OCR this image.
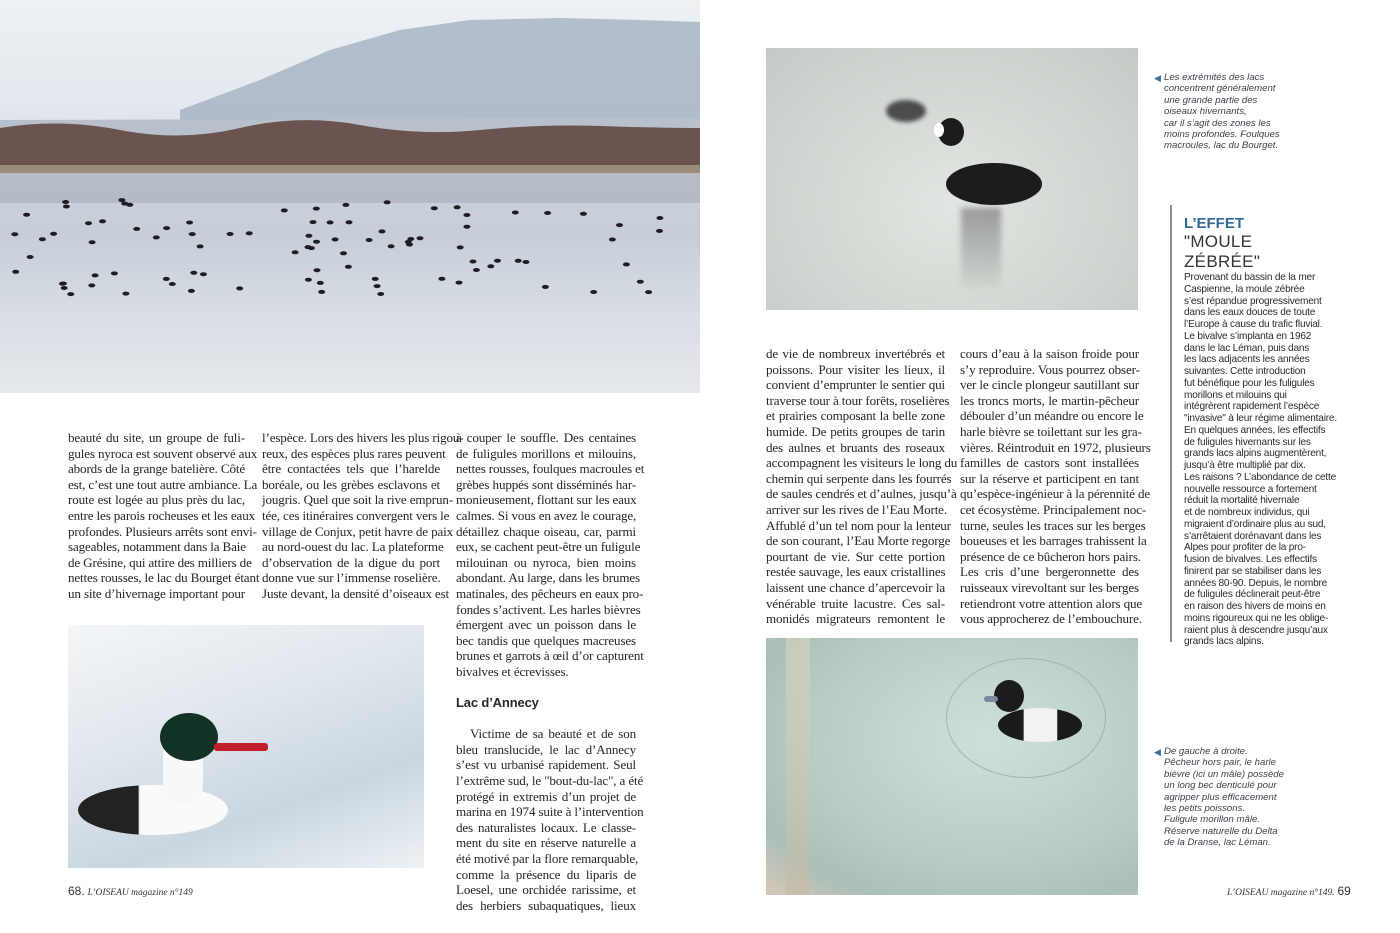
beauté du site, un groupe de fuli-
gules nyroca est souvent observé aux
abords de la grange batelière. Côté
est, c’est une tout autre ambiance. La
route est logée au plus près du lac,
entre les parois rocheuses et les eaux
profondes. Plusieurs arrêts sont envi-
sageables, notamment dans la Baie
de Grésine, qui attire des milliers de
nettes rousses, le lac du Bourget étant
un site d’hivernage important pour
l’espèce. Lors des hivers les plus rigou-
reux, des espèces plus rares peuvent
être contactées tels que l’harelde
boréale, ou les grèbes esclavons et
jougris. Quel que soit la rive emprun-
tée, ces itinéraires convergent vers le
village de Conjux, petit havre de paix
au nord-ouest du lac. La plateforme
d’observation de la digue du port
donne vue sur l’immense roselière.
Juste devant, la densité d’oiseaux est
à couper le souffle. Des centaines
de fuligules morillons et milouins,
nettes rousses, foulques macroules et
grèbes huppés sont disséminés har-
monieusement, flottant sur les eaux
calmes. Si vous en avez le courage,
détaillez chaque oiseau, car, parmi
eux, se cachent peut-être un fuligule
milouinan ou nyroca, bien moins
abondant. Au large, dans les brumes
matinales, des pêcheurs en eaux pro-
fondes s’activent. Les harles bièvres
émergent avec un poisson dans le
bec tandis que quelques macreuses
brunes et garrots à œil d’or capturent
bivalves et écrevisses.
Lac d’Annecy
Victime de sa beauté et de son
bleu translucide, le lac d’Annecy
s’est vu urbanisé rapidement. Seul
l’extrême sud, le "bout-du-lac", a été
protégé in extremis d’un projet de
marina en 1974 suite à l’intervention
des naturalistes locaux. Le classe-
ment du site en réserve naturelle a
été motivé par la flore remarquable,
comme la présence du liparis de
Loesel, une orchidée rarissime, et
des herbiers subaquatiques, lieux
de vie de nombreux invertébrés et
poissons. Pour visiter les lieux, il
convient d’emprunter le sentier qui
traverse tour à tour forêts, roselières
et prairies composant la belle zone
humide. De petits groupes de tarin
des aulnes et bruants des roseaux
accompagnent les visiteurs le long du
chemin qui serpente dans les fourrés
de saules cendrés et d’aulnes, jusqu’à
arriver sur les rives de l’Eau Morte.
Affublé d’un tel nom pour la lenteur
de son courant, l’Eau Morte regorge
pourtant de vie. Sur cette portion
restée sauvage, les eaux cristallines
laissent une chance d’apercevoir la
vénérable truite lacustre. Ces sal-
monidés migrateurs remontent le
cours d’eau à la saison froide pour
s’y reproduire. Vous pourrez obser-
ver le cincle plongeur sautillant sur
les troncs morts, le martin-pêcheur
débouler d’un méandre ou encore le
harle bièvre se toilettant sur les gra-
vières. Réintroduit en 1972, plusieurs
familles de castors sont installées
sur la réserve et participent en tant
qu’espèce-ingénieur à la pérennité de
cet écosystème. Principalement noc-
turne, seules les traces sur les berges
boueuses et les barrages trahissent la
présence de ce bûcheron hors pairs.
Les cris d’une bergeronnette des
ruisseaux virevoltant sur les berges
retiendront votre attention alors que
vous approcherez de l’embouchure.
L’EFFET
"MOULE ZÉBRÉE"
Provenant du bassin de la mer
Caspienne, la moule zébrée
s’est répandue progressivement
dans les eaux douces de toute
l’Europe à cause du trafic fluvial.
Le bivalve s’implanta en 1962
dans le lac Léman, puis dans
les lacs adjacents les années
suivantes. Cette introduction
fut bénéfique pour les fuligules
morillons et milouins qui
intégrèrent rapidement l’espèce
"invasive" à leur régime alimentaire.
En quelques années, les effectifs
de fuligules hivernants sur les
grands lacs alpins augmentèrent,
jusqu’à être multiplié par dix.
Les raisons ? L’abondance de cette
nouvelle ressource a fortement
réduit la mortalité hivernale
et de nombreux individus, qui
migraient d’ordinaire plus au sud,
s’arrêtaient dorénavant dans les
Alpes pour profiter de la pro-
fusion de bivalves. Les effectifs
finirent par se stabiliser dans les
années 80-90. Depuis, le nombre
de fuligules déclinerait peut-être
en raison des hivers de moins en
moins rigoureux qui ne les oblige-
raient plus à descendre jusqu’aux
grands lacs alpins.
◀ Les extrémités des lacs
concentrent généralement
une grande partie des
oiseaux hivernants,
car il s’agit des zones les
moins profondes. Foulques
macroules, lac du Bourget.
◀ De gauche à droite.
Pêcheur hors pair, le harle
bièvre (ici un mâle) possède
un long bec denticulé pour
agripper plus efficacement
les petits poissons.
Fuligule morillon mâle.
Réserve naturelle du Delta
de la Dranse, lac Léman.
68. L’OISEAU magazine n°149	L’OISEAU magazine n°149. 69
